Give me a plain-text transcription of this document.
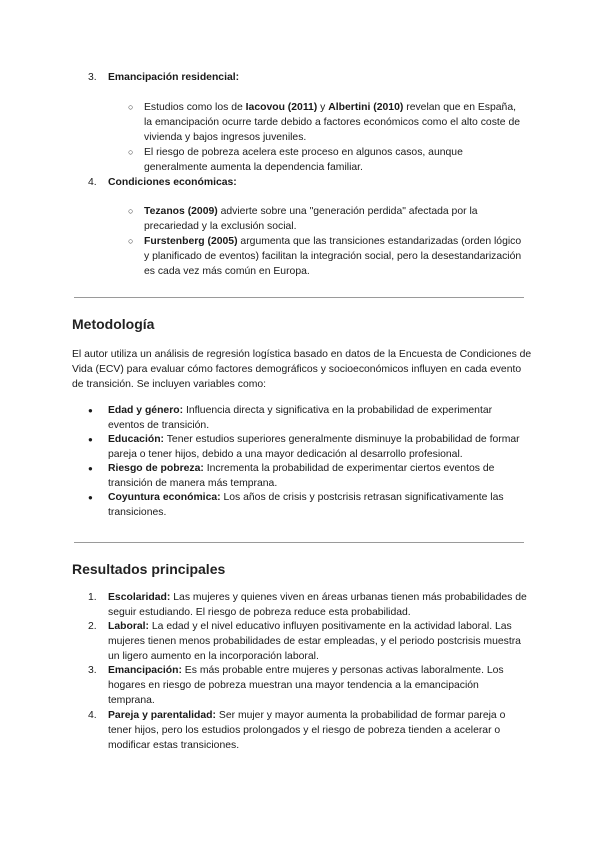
3.	Emancipación residencial:
○ Estudios como los de Iacovou (2011) y Albertini (2010) revelan que en España, la emancipación ocurre tarde debido a factores económicos como el alto coste de vivienda y bajos ingresos juveniles.
○ El riesgo de pobreza acelera este proceso en algunos casos, aunque generalmente aumenta la dependencia familiar.
4.	Condiciones económicas:
○ Tezanos (2009) advierte sobre una "generación perdida" afectada por la precariedad y la exclusión social.
○ Furstenberg (2005) argumenta que las transiciones estandarizadas (orden lógico y planificado de eventos) facilitan la integración social, pero la desestandarización es cada vez más común en Europa.
Metodología
El autor utiliza un análisis de regresión logística basado en datos de la Encuesta de Condiciones de Vida (ECV) para evaluar cómo factores demográficos y socioeconómicos influyen en cada evento de transición. Se incluyen variables como:
● Edad y género: Influencia directa y significativa en la probabilidad de experimentar eventos de transición.
● Educación: Tener estudios superiores generalmente disminuye la probabilidad de formar pareja o tener hijos, debido a una mayor dedicación al desarrollo profesional.
● Riesgo de pobreza: Incrementa la probabilidad de experimentar ciertos eventos de transición de manera más temprana.
● Coyuntura económica: Los años de crisis y postcrisis retrasan significativamente las transiciones.
Resultados principales
1.	Escolaridad: Las mujeres y quienes viven en áreas urbanas tienen más probabilidades de seguir estudiando. El riesgo de pobreza reduce esta probabilidad.
2.	Laboral: La edad y el nivel educativo influyen positivamente en la actividad laboral. Las mujeres tienen menos probabilidades de estar empleadas, y el periodo postcrisis muestra un ligero aumento en la incorporación laboral.
3.	Emancipación: Es más probable entre mujeres y personas activas laboralmente. Los hogares en riesgo de pobreza muestran una mayor tendencia a la emancipación temprana.
4.	Pareja y parentalidad: Ser mujer y mayor aumenta la probabilidad de formar pareja o tener hijos, pero los estudios prolongados y el riesgo de pobreza tienden a acelerar o modificar estas transiciones.
